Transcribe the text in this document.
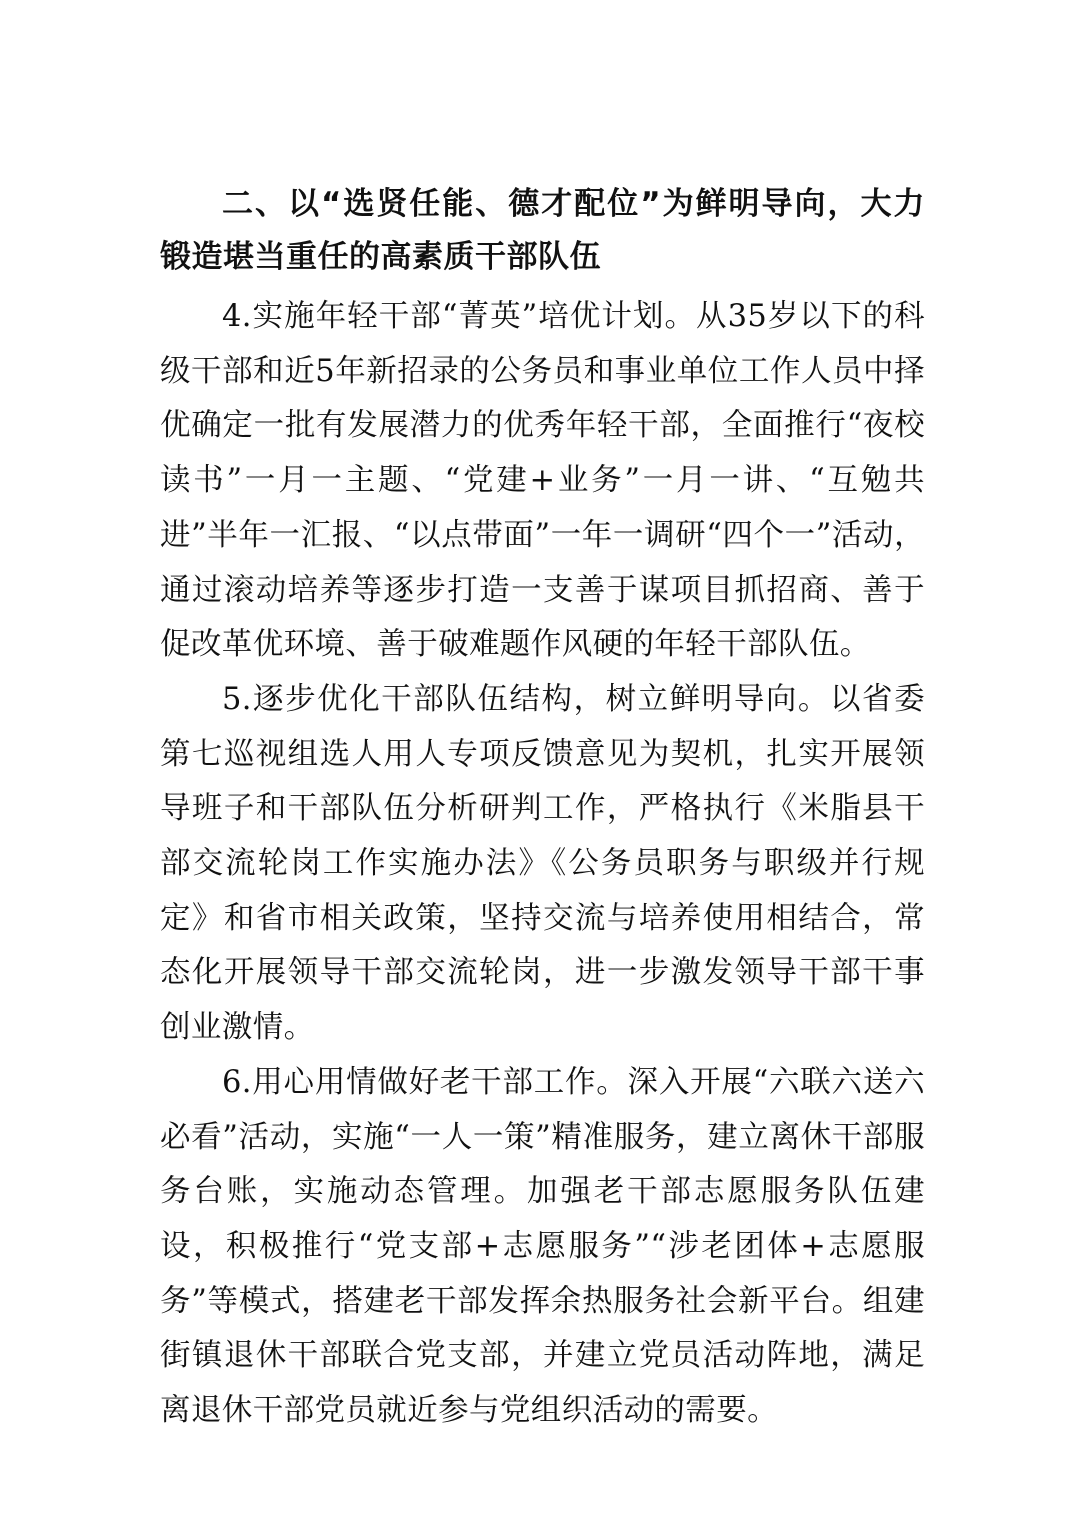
二、以“选贤任能、德才配位”为鲜明导向，大力锻造堪当重任的高素质干部队伍

4.实施年轻干部“菁英”培优计划。从35岁以下的科级干部和近5年新招录的公务员和事业单位工作人员中择优确定一批有发展潜力的优秀年轻干部，全面推行“夜校读书”一月一主题、“党建+业务”一月一讲、“互勉共进”半年一汇报、“以点带面”一年一调研“四个一”活动，通过滚动培养等逐步打造一支善于谋项目抓招商、善于促改革优环境、善于破难题作风硬的年轻干部队伍。

5.逐步优化干部队伍结构，树立鲜明导向。以省委第七巡视组选人用人专项反馈意见为契机，扎实开展领导班子和干部队伍分析研判工作，严格执行《米脂县干部交流轮岗工作实施办法》《公务员职务与职级并行规定》和省市相关政策，坚持交流与培养使用相结合，常态化开展领导干部交流轮岗，进一步激发领导干部干事创业激情。

6.用心用情做好老干部工作。深入开展“六联六送六必看”活动，实施“一人一策”精准服务，建立离休干部服务台账，实施动态管理。加强老干部志愿服务队伍建设，积极推行“党支部+志愿服务”“涉老团体+志愿服务”等模式，搭建老干部发挥余热服务社会新平台。组建街镇退休干部联合党支部，并建立党员活动阵地，满足离退休干部党员就近参与党组织活动的需要。
